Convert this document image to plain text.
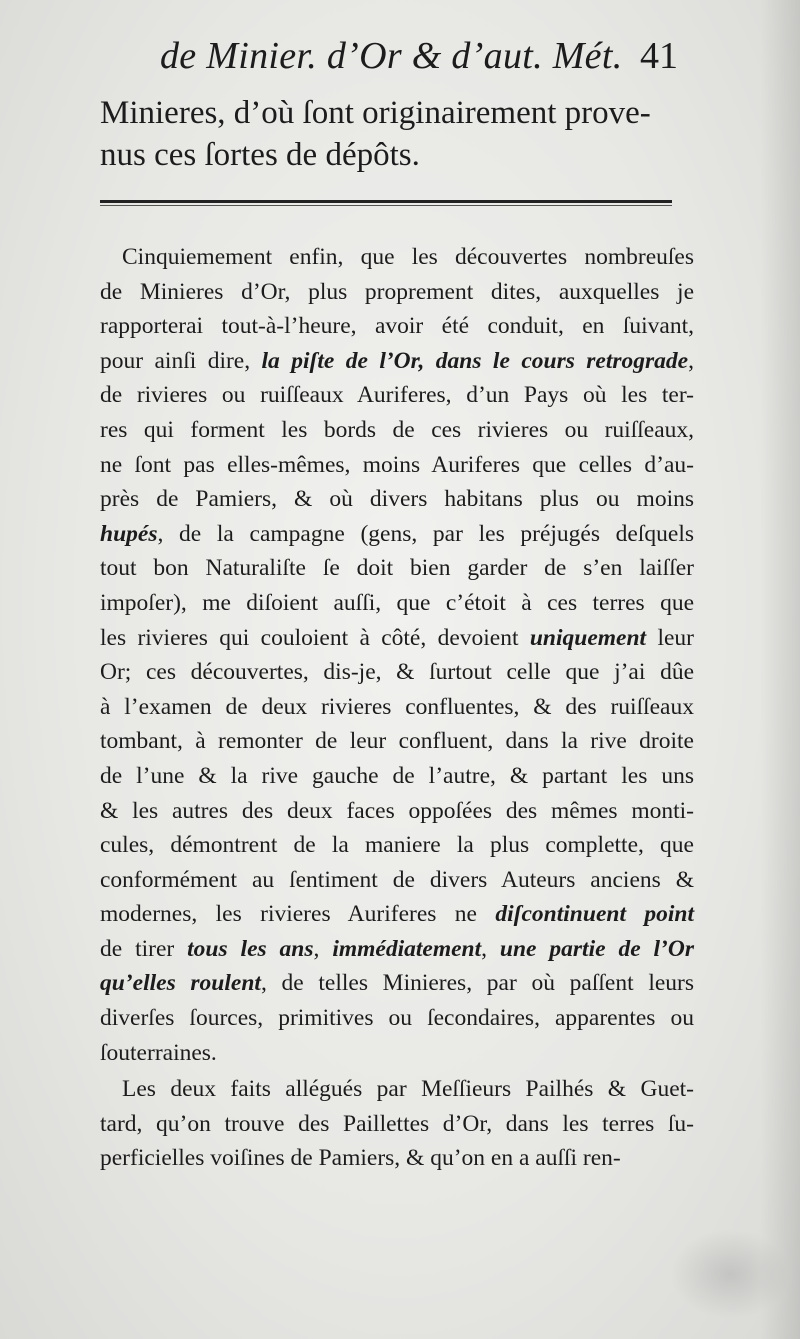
de Minier. d’Or & d’aut. Mét. 41
Minieres, d’où ſont originairement prove-
nus ces ſortes de dépôts.
Cinquiemement enfin, que les découvertes nombreuſes
de Minieres d’Or, plus proprement dites, auxquelles je
rapporterai tout-à-l’heure, avoir été conduit, en ſuivant,
pour ainſi dire, la piſte de l’Or, dans le cours retrograde,
de rivieres ou ruiſſeaux Auriferes, d’un Pays où les ter-
res qui forment les bords de ces rivieres ou ruiſſeaux,
ne ſont pas elles-mêmes, moins Auriferes que celles d’au-
près de Pamiers, & où divers habitans plus ou moins
hupés, de la campagne (gens, par les préjugés deſquels
tout bon Naturaliſte ſe doit bien garder de s’en laiſſer
impoſer), me diſoient auſſi, que c’étoit à ces terres que
les rivieres qui couloient à côté, devoient uniquement leur
Or; ces découvertes, dis-je, & ſurtout celle que j’ai dûe
à l’examen de deux rivieres confluentes, & des ruiſſeaux
tombant, à remonter de leur confluent, dans la rive droite
de l’une & la rive gauche de l’autre, & partant les uns
& les autres des deux faces oppoſées des mêmes monti-
cules, démontrent de la maniere la plus complette, que
conformément au ſentiment de divers Auteurs anciens &
modernes, les rivieres Auriferes ne diſcontinuent point
de tirer tous les ans, immédiatement, une partie de l’Or
qu’elles roulent, de telles Minieres, par où paſſent leurs
diverſes ſources, primitives ou ſecondaires, apparentes ou
ſouterraines.
Les deux faits allégués par Meſſieurs Pailhés & Guet-
tard, qu’on trouve des Paillettes d’Or, dans les terres ſu-
perficielles voiſines de Pamiers, & qu’on en a auſſi ren-
